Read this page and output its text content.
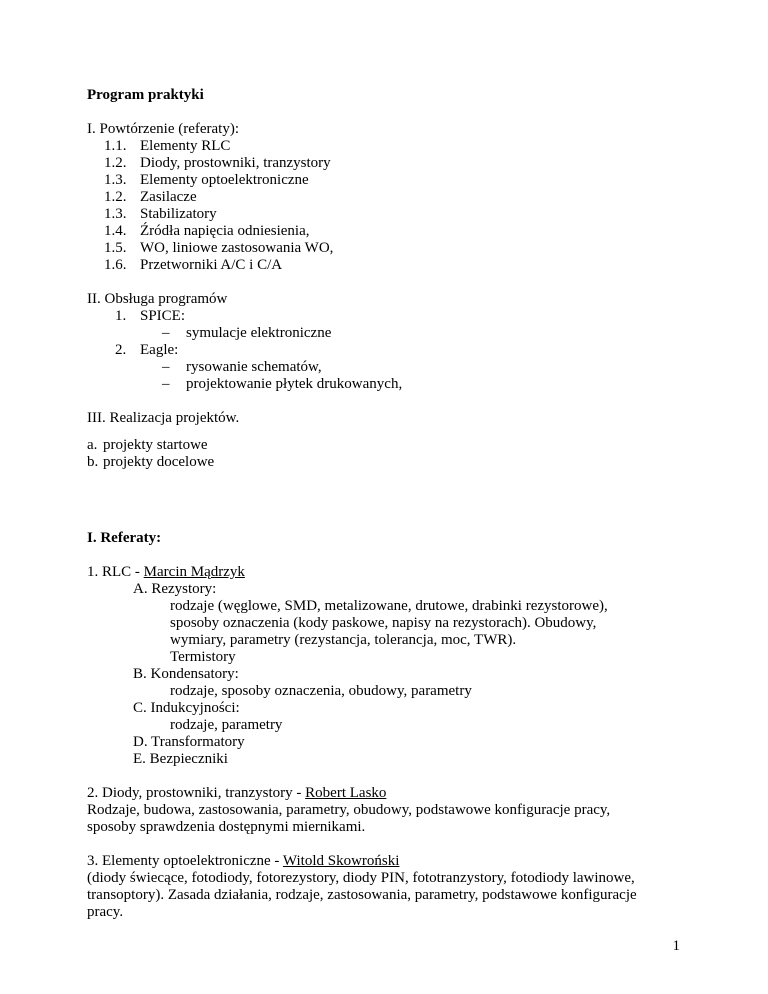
Program praktyki
I. Powtórzenie (referaty):
1.1. Elementy RLC
1.2. Diody, prostowniki, tranzystory
1.3. Elementy optoelektroniczne
1.2. Zasilacze
1.3. Stabilizatory
1.4. Źródła napięcia odniesienia,
1.5. WO, liniowe zastosowania WO,
1.6. Przetworniki A/C i C/A
II. Obsługa programów
1. SPICE:
– symulacje elektroniczne
2. Eagle:
– rysowanie schematów,
– projektowanie płytek drukowanych,
III. Realizacja projektów.
a. projekty startowe
b. projekty docelowe
I. Referaty:
1. RLC - Marcin Mądrzyk
A. Rezystory:
rodzaje (węglowe, SMD, metalizowane, drutowe, drabinki rezystorowe),
sposoby oznaczenia (kody paskowe, napisy na rezystorach). Obudowy,
wymiary, parametry (rezystancja, tolerancja, moc, TWR).
Termistory
B. Kondensatory:
rodzaje, sposoby oznaczenia, obudowy, parametry
C. Indukcyjności:
rodzaje, parametry
D. Transformatory
E. Bezpieczniki
2. Diody, prostowniki, tranzystory - Robert Lasko
Rodzaje, budowa, zastosowania, parametry, obudowy, podstawowe konfiguracje pracy,
sposoby sprawdzenia dostępnymi miernikami.
3. Elementy optoelektroniczne - Witold Skowroński
(diody świecące, fotodiody, fotorezystory, diody PIN, fototranzystory, fotodiody lawinowe,
transoptory). Zasada działania, rodzaje, zastosowania, parametry, podstawowe konfiguracje
pracy.
1
